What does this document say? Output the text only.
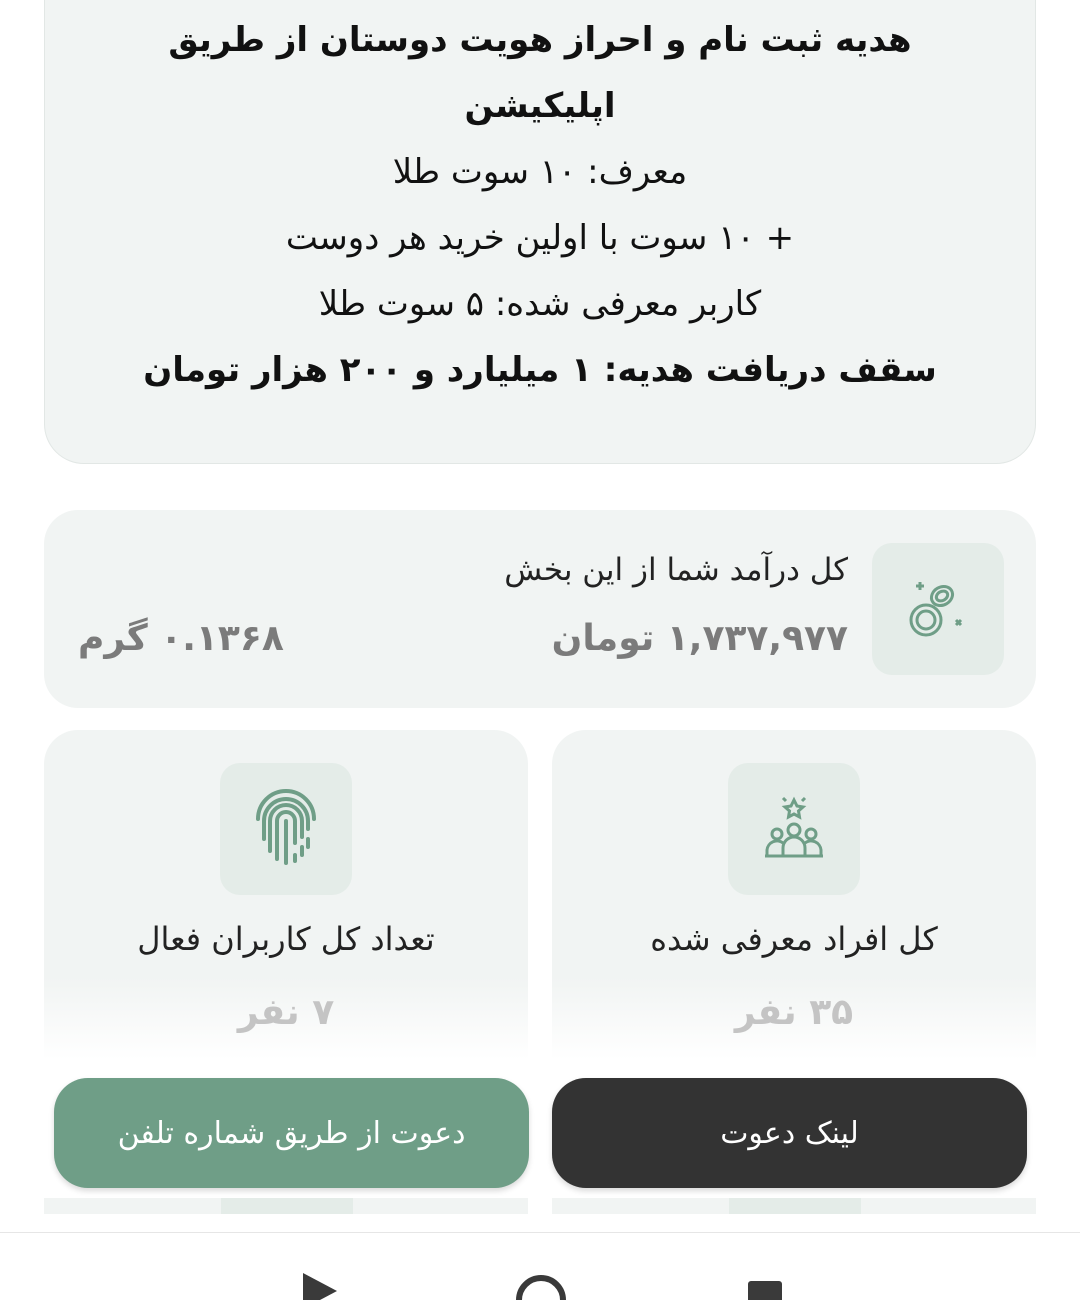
هدیه ثبت نام و احراز هویت دوستان از طریق
اپلیکیشن
معرف: ۱۰ سوت طلا
+ ۱۰ سوت با اولین خرید هر دوست
کاربر معرفی شده: ۵ سوت طلا
سقف دریافت هدیه: ۱ میلیارد و ۲۰۰ هزار تومان
کل درآمد شما از این بخش
۱,۷۳۷,۹۷۷ تومان
۰.۱۳۶۸ گرم
کل افراد معرفی شده
۳۵ نفر
تعداد کل کاربران فعال
۷ نفر
لینک دعوت
دعوت از طریق شماره تلفن
